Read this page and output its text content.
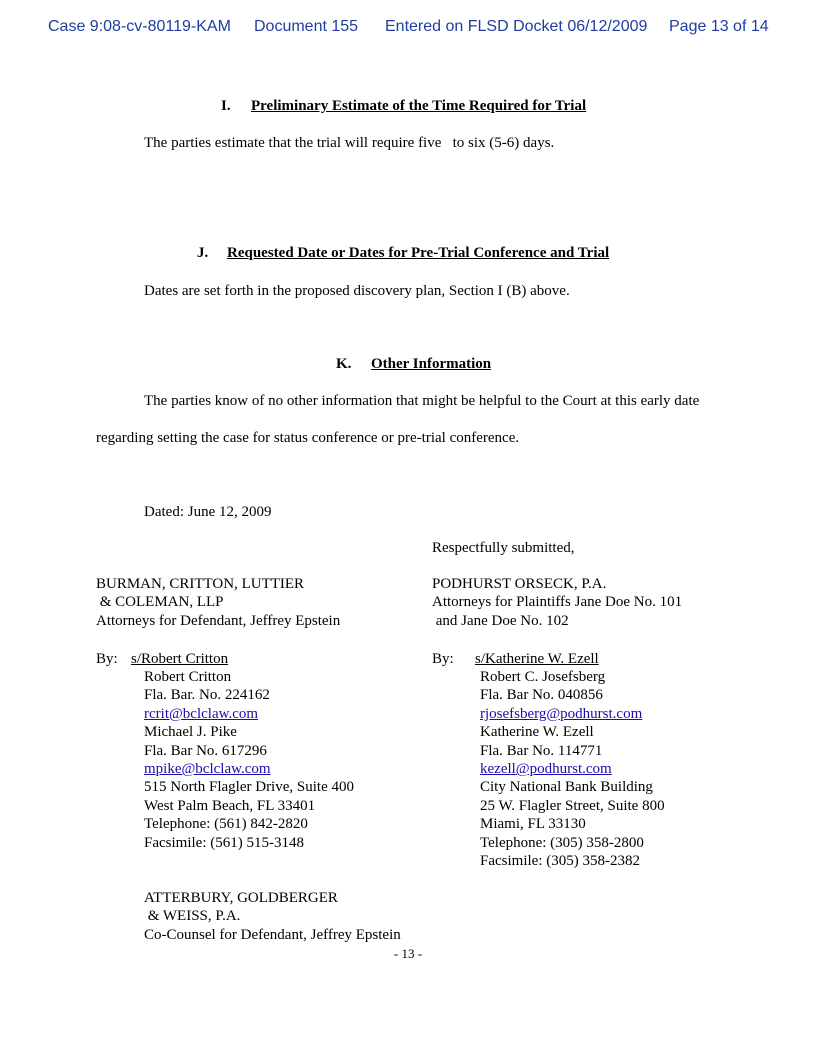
Case 9:08-cv-80119-KAM Document 155 Entered on FLSD Docket 06/12/2009 Page 13 of 14
I. Preliminary Estimate of the Time Required for Trial
The parties estimate that the trial will require five   to six (5-6) days.
J. Requested Date or Dates for Pre-Trial Conference and Trial
Dates are set forth in the proposed discovery plan, Section I (B) above.
K. Other Information
The parties know of no other information that might be helpful to the Court at this early date
regarding setting the case for status conference or pre-trial conference.
Dated: June 12, 2009
Respectfully submitted,
BURMAN, CRITTON, LUTTIER
& COLEMAN, LLP
Attorneys for Defendant, Jeffrey Epstein
By: s/Robert Critton
Robert Critton
Fla. Bar. No. 224162
rcrit@bclclaw.com
Michael J. Pike
Fla. Bar No. 617296
mpike@bclclaw.com
515 North Flagler Drive, Suite 400
West Palm Beach, FL 33401
Telephone: (561) 842-2820
Facsimile: (561) 515-3148
PODHURST ORSECK, P.A.
Attorneys for Plaintiffs Jane Doe No. 101
and Jane Doe No. 102
By: s/Katherine W. Ezell
Robert C. Josefsberg
Fla. Bar No. 040856
rjosefsberg@podhurst.com
Katherine W. Ezell
Fla. Bar No. 114771
kezell@podhurst.com
City National Bank Building
25 W. Flagler Street, Suite 800
Miami, FL 33130
Telephone: (305) 358-2800
Facsimile: (305) 358-2382
ATTERBURY, GOLDBERGER
& WEISS, P.A.
Co-Counsel for Defendant, Jeffrey Epstein
- 13 -
